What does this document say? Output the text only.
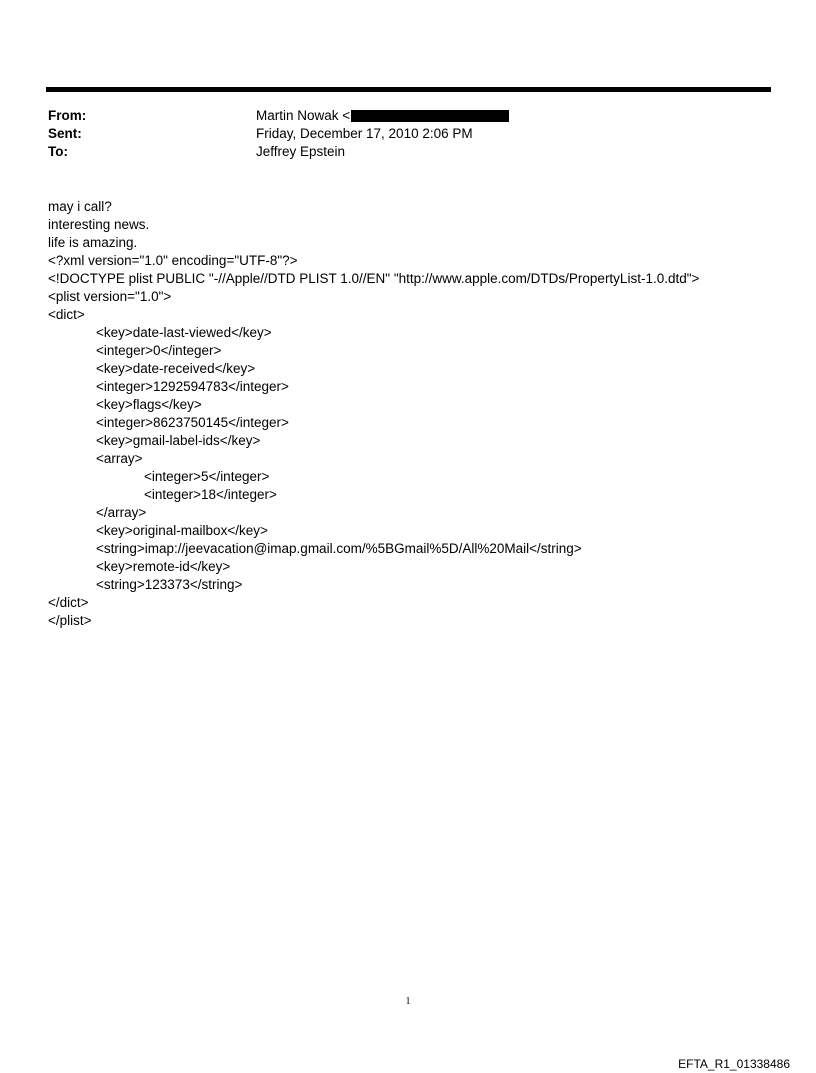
From:	Martin Nowak <
Sent:	Friday, December 17, 2010 2:06 PM
To:	Jeffrey Epstein
may i call?
interesting news.
life is amazing.
<?xml version="1.0" encoding="UTF-8"?>
<!DOCTYPE plist PUBLIC "-//Apple//DTD PLIST 1.0//EN" "http://www.apple.com/DTDs/PropertyList-1.0.dtd">
<plist version="1.0">
<dict>
<key>date-last-viewed</key>
<integer>0</integer>
<key>date-received</key>
<integer>1292594783</integer>
<key>flags</key>
<integer>8623750145</integer>
<key>gmail-label-ids</key>
<array>
<integer>5</integer>
<integer>18</integer>
</array>
<key>original-mailbox</key>
<string>imap://jeevacation@imap.gmail.com/%5BGmail%5D/All%20Mail</string>
<key>remote-id</key>
<string>123373</string>
</dict>
</plist>
1
EFTA_R1_01338486
